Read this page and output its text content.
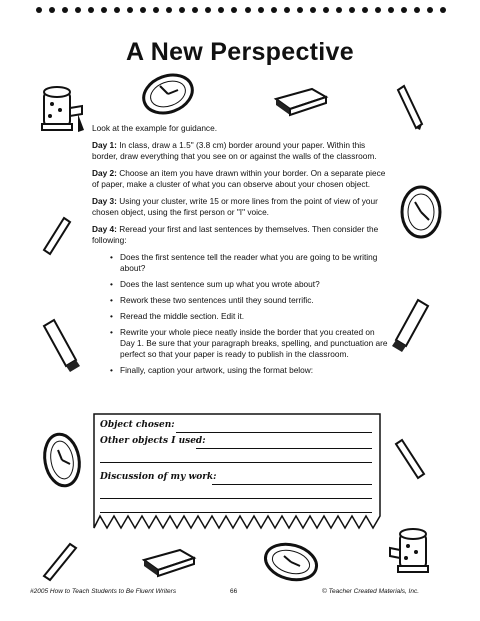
A New Perspective

Look at the example for guidance.

Day 1: In class, draw a 1.5" (3.8 cm) border around your paper. Within this border, draw everything that you see on or against the walls of the classroom.

Day 2: Choose an item you have drawn within your border. On a separate piece of paper, make a cluster of what you can observe about your chosen object.

Day 3: Using your cluster, write 15 or more lines from the point of view of your chosen object, using the first person or "I" voice.

Day 4: Reread your first and last sentences by themselves. Then consider the following:

• Does the first sentence tell the reader what you are going to be writing about?
• Does the last sentence sum up what you wrote about?
• Rework these two sentences until they sound terrific.
• Reread the middle section. Edit it.
• Rewrite your whole piece neatly inside the border that you created on Day 1. Be sure that your paragraph breaks, spelling, and punctuation are perfect so that your paper is ready to publish in the classroom.
• Finally, caption your artwork, using the format below:
Object chosen:
Other objects I used:
Discussion of my work:
#2005 How to Teach Students to Be Fluent Writers	66	© Teacher Created Materials, Inc.
